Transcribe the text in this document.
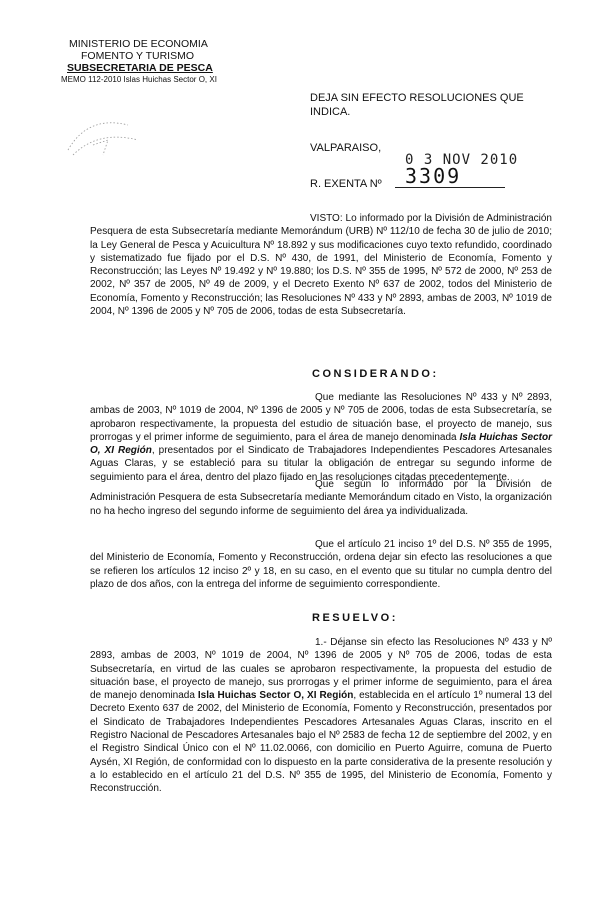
MINISTERIO DE ECONOMIA
FOMENTO Y TURISMO
SUBSECRETARIA DE PESCA
MEMO 112-2010 Islas Huichas Sector O, XI
DEJA SIN EFECTO RESOLUCIONES QUE INDICA.
VALPARAISO,
0 3 NOV 2010
R. EXENTA Nº 3309

VISTO: Lo informado por la División de Administración Pesquera de esta Subsecretaría mediante Memorándum (URB) Nº 112/10 de fecha 30 de julio de 2010; la Ley General de Pesca y Acuicultura Nº 18.892 y sus modificaciones cuyo texto refundido, coordinado y sistematizado fue fijado por el D.S. Nº 430, de 1991, del Ministerio de Economía, Fomento y Reconstrucción; las Leyes Nº 19.492 y Nº 19.880; los D.S. Nº 355 de 1995, Nº 572 de 2000, Nº 253 de 2002, Nº 357 de 2005, Nº 49 de 2009, y el Decreto Exento Nº 637 de 2002, todos del Ministerio de Economía, Fomento y Reconstrucción; las Resoluciones Nº 433 y Nº 2893, ambas de 2003, Nº 1019 de 2004, Nº 1396 de 2005 y Nº 705 de 2006, todas de esta Subsecretaría.

CONSIDERANDO:

Que mediante las Resoluciones Nº 433 y Nº 2893, ambas de 2003, Nº 1019 de 2004, Nº 1396 de 2005 y Nº 705 de 2006, todas de esta Subsecretaría, se aprobaron respectivamente, la propuesta del estudio de situación base, el proyecto de manejo, sus prorrogas y el primer informe de seguimiento, para el área de manejo denominada Isla Huichas Sector O, XI Región, presentados por el Sindicato de Trabajadores Independientes Pescadores Artesanales Aguas Claras, y se estableció para su titular la obligación de entregar su segundo informe de seguimiento para el área, dentro del plazo fijado en las resoluciones citadas precedentemente.

Que según lo informado por la División de Administración Pesquera de esta Subsecretaría mediante Memorándum citado en Visto, la organización no ha hecho ingreso del segundo informe de seguimiento del área ya individualizada.

Que el artículo 21 inciso 1º del D.S. Nº 355 de 1995, del Ministerio de Economía, Fomento y Reconstrucción, ordena dejar sin efecto las resoluciones a que se refieren los artículos 12 inciso 2º y 18, en su caso, en el evento que su titular no cumpla dentro del plazo de dos años, con la entrega del informe de seguimiento correspondiente.

RESUELVO:

1.- Déjanse sin efecto las Resoluciones Nº 433 y Nº 2893, ambas de 2003, Nº 1019 de 2004, Nº 1396 de 2005 y Nº 705 de 2006, todas de esta Subsecretaría, en virtud de las cuales se aprobaron respectivamente, la propuesta del estudio de situación base, el proyecto de manejo, sus prorrogas y el primer informe de seguimiento, para el área de manejo denominada Isla Huichas Sector O, XI Región, establecida en el artículo 1º numeral 13 del Decreto Exento 637 de 2002, del Ministerio de Economía, Fomento y Reconstrucción, presentados por el Sindicato de Trabajadores Independientes Pescadores Artesanales Aguas Claras, inscrito en el Registro Nacional de Pescadores Artesanales bajo el Nº 2583 de fecha 12 de septiembre del 2002, y en el Registro Sindical Único con el Nº 11.02.0066, con domicilio en Puerto Aguirre, comuna de Puerto Aysén, XI Región, de conformidad con lo dispuesto en la parte considerativa de la presente resolución y a lo establecido en el artículo 21 del D.S. Nº 355 de 1995, del Ministerio de Economía, Fomento y Reconstrucción.
